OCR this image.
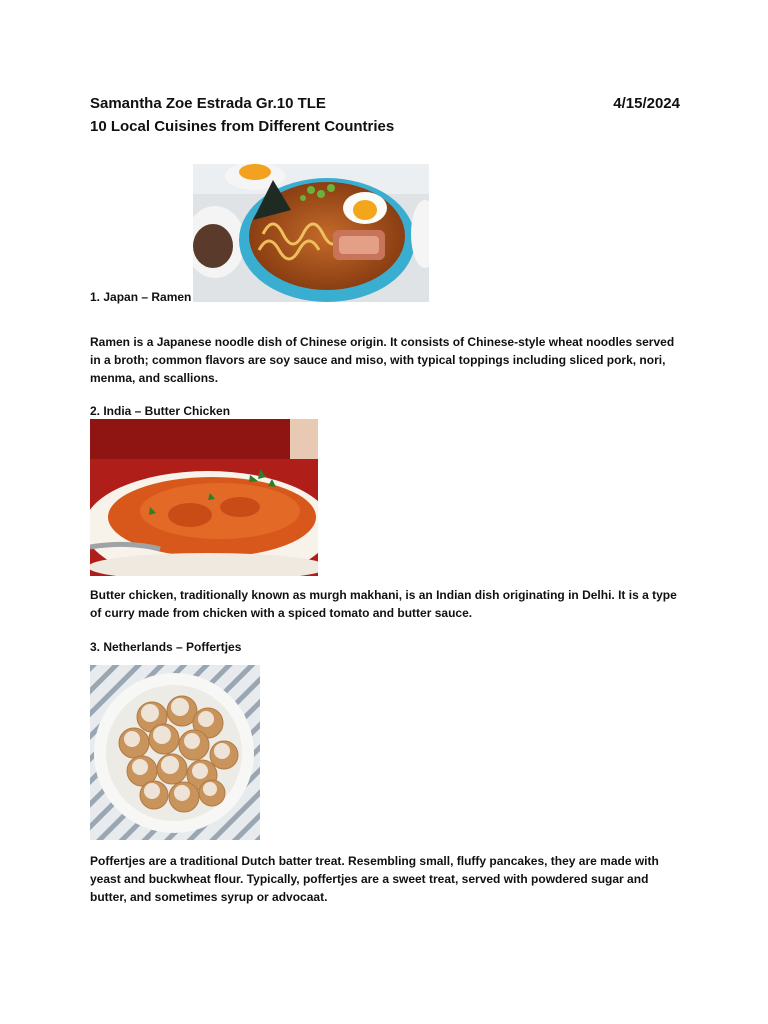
Samantha Zoe Estrada Gr.10 TLE	4/15/2024
10 Local Cuisines from Different Countries
1. Japan – Ramen
Ramen is a Japanese noodle dish of Chinese origin. It consists of Chinese-style wheat noodles served in a broth; common flavors are soy sauce and miso, with typical toppings including sliced pork, nori, menma, and scallions.
2. India – Butter Chicken
Butter chicken, traditionally known as murgh makhani, is an Indian dish originating in Delhi. It is a type of curry made from chicken with a spiced tomato and butter sauce.
3. Netherlands – Poffertjes
Poffertjes are a traditional Dutch batter treat. Resembling small, fluffy pancakes, they are made with yeast and buckwheat flour. Typically, poffertjes are a sweet treat, served with powdered sugar and butter, and sometimes syrup or advocaat.
